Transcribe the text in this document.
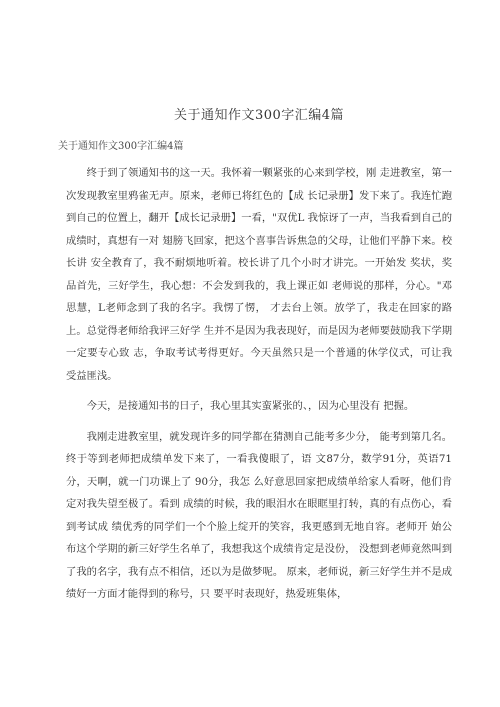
关于通知作文300字汇编4篇
关于通知作文300字汇编4篇

终于到了领通知书的这一天。我怀着一颗紧张的心来到学校，刚 走进教室，第一次发现教室里鸦雀无声。原来，老师已将红色的【成 长记录册】发下来了。我连忙跑到自己的位置上，翻开【成长记录册】一看，"双优L 我惊讶了一声，当我看到自己的成绩时，真想有一对 翅膀飞回家，把这个喜事告诉焦急的父母，让他们平静下来。校长讲 安全教育了，我不耐烦地听着。校长讲了几个小时才讲完。一开始发 奖状，奖品首先，三好学生，我心想：不会发到我的，我上课正如 老师说的那样，分心。"邓思慧，L老师念到了我的名字。我愣了愣， 才去台上领。放学了，我走在回家的路上。总觉得老师给我评三好学 生并不是因为我表现好，而是因为老师要鼓励我下学期一定要专心致 志，争取考试考得更好。今天虽然只是一个普通的休学仪式，可让我 受益匪浅。

今天，是接通知书的日子，我心里其实蛮紧张的、，因为心里没有 把握。

我刚走进教室里，就发现许多的同学都在猜测自己能考多少分， 能考到第几名。终于等到老师把成绩单发下来了，一看我傻眼了，语 文87分，数学91分，英语71分，天啊，就一门功课上了 90分，我怎 么好意思回家把成绩单给家人看呀，他们肯定对我失望至极了。看到 成绩的时候，我的眼泪水在眼眶里打转，真的有点伤心，看到考试成 绩优秀的同学们一个个脸上绽开的笑容，我更感到无地自容。老师开 始公布这个学期的新三好学生名单了，我想我这个成绩肯定是没份， 没想到老师竟然叫到了我的名字，我有点不相信，还以为是做梦呢。 原来，老师说，新三好学生并不是成绩好一方面才能得到的称号，只 要平时表现好，热爱班集体，
